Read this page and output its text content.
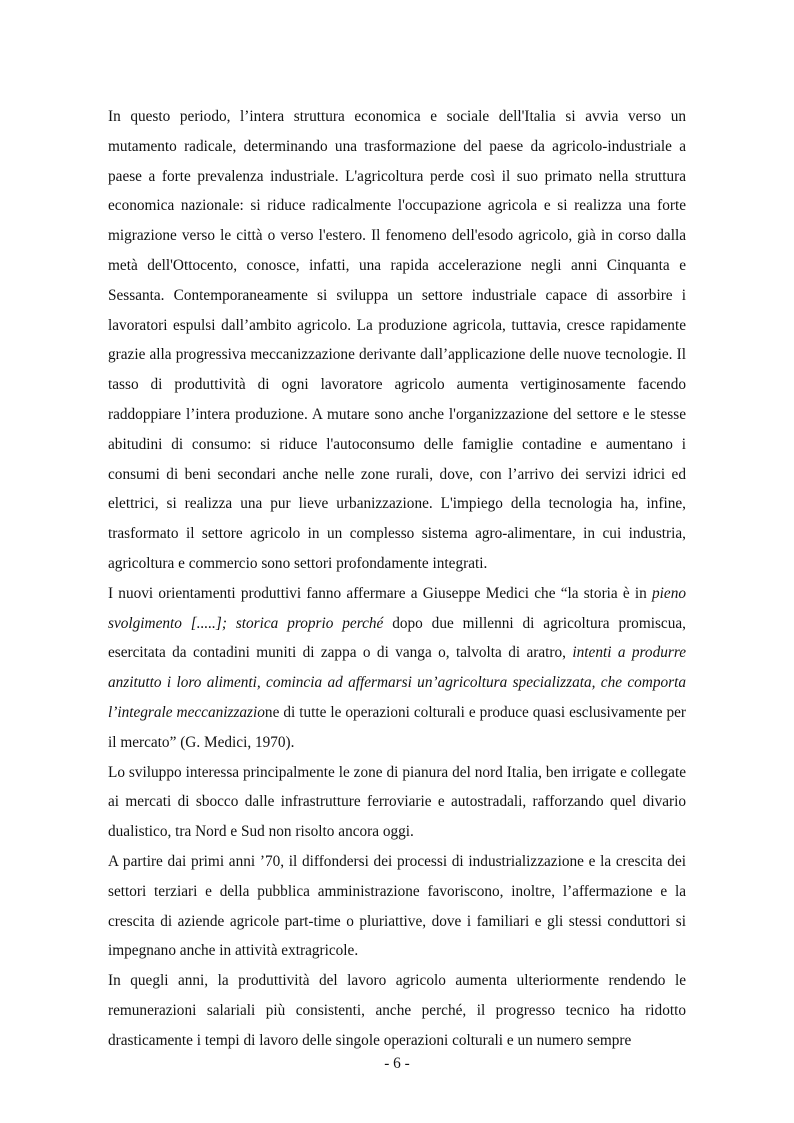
In questo periodo, l’intera struttura economica e sociale dell'Italia si avvia verso un mutamento radicale, determinando una trasformazione del paese da agricolo-industriale a paese a forte prevalenza industriale. L'agricoltura perde così il suo primato nella struttura economica nazionale: si riduce radicalmente l'occupazione agricola e si realizza una forte migrazione verso le città o verso l'estero. Il fenomeno dell'esodo agricolo, già in corso dalla metà dell'Ottocento, conosce, infatti, una rapida accelerazione negli anni Cinquanta e Sessanta. Contemporaneamente si sviluppa un settore industriale capace di assorbire i lavoratori espulsi dall’ambito agricolo. La produzione agricola, tuttavia, cresce rapidamente grazie alla progressiva meccanizzazione derivante dall’applicazione delle nuove tecnologie. Il tasso di produttività di ogni lavoratore agricolo aumenta vertiginosamente facendo raddoppiare l’intera produzione. A mutare sono anche l'organizzazione del settore e le stesse abitudini di consumo: si riduce l'autoconsumo delle famiglie contadine e aumentano i consumi di beni secondari anche nelle zone rurali, dove, con l’arrivo dei servizi idrici ed elettrici, si realizza una pur lieve urbanizzazione. L'impiego della tecnologia ha, infine, trasformato il settore agricolo in un complesso sistema agro-alimentare, in cui industria, agricoltura e commercio sono settori profondamente integrati.

I nuovi orientamenti produttivi fanno affermare a Giuseppe Medici che “la storia è in pieno svolgimento [.....]; storica proprio perché dopo due millenni di agricoltura promiscua, esercitata da contadini muniti di zappa o di vanga o, talvolta di aratro, intenti a produrre anzitutto i loro alimenti, comincia ad affermarsi un’agricoltura specializzata, che comporta l’integrale meccanizzazione di tutte le operazioni colturali e produce quasi esclusivamente per il mercato” (G. Medici, 1970).

Lo sviluppo interessa principalmente le zone di pianura del nord Italia, ben irrigate e collegate ai mercati di sbocco dalle infrastrutture ferroviarie e autostradali, rafforzando quel divario dualistico, tra Nord e Sud non risolto ancora oggi.

A partire dai primi anni ’70, il diffondersi dei processi di industrializzazione e la crescita dei settori terziari e della pubblica amministrazione favoriscono, inoltre, l’affermazione e la crescita di aziende agricole part-time o pluriattive, dove i familiari e gli stessi conduttori si impegnano anche in attività extragricole.

In quegli anni, la produttività del lavoro agricolo aumenta ulteriormente rendendo le remunerazioni salariali più consistenti, anche perché, il progresso tecnico ha ridotto drasticamente i tempi di lavoro delle singole operazioni colturali e un numero sempre

- 6 -
